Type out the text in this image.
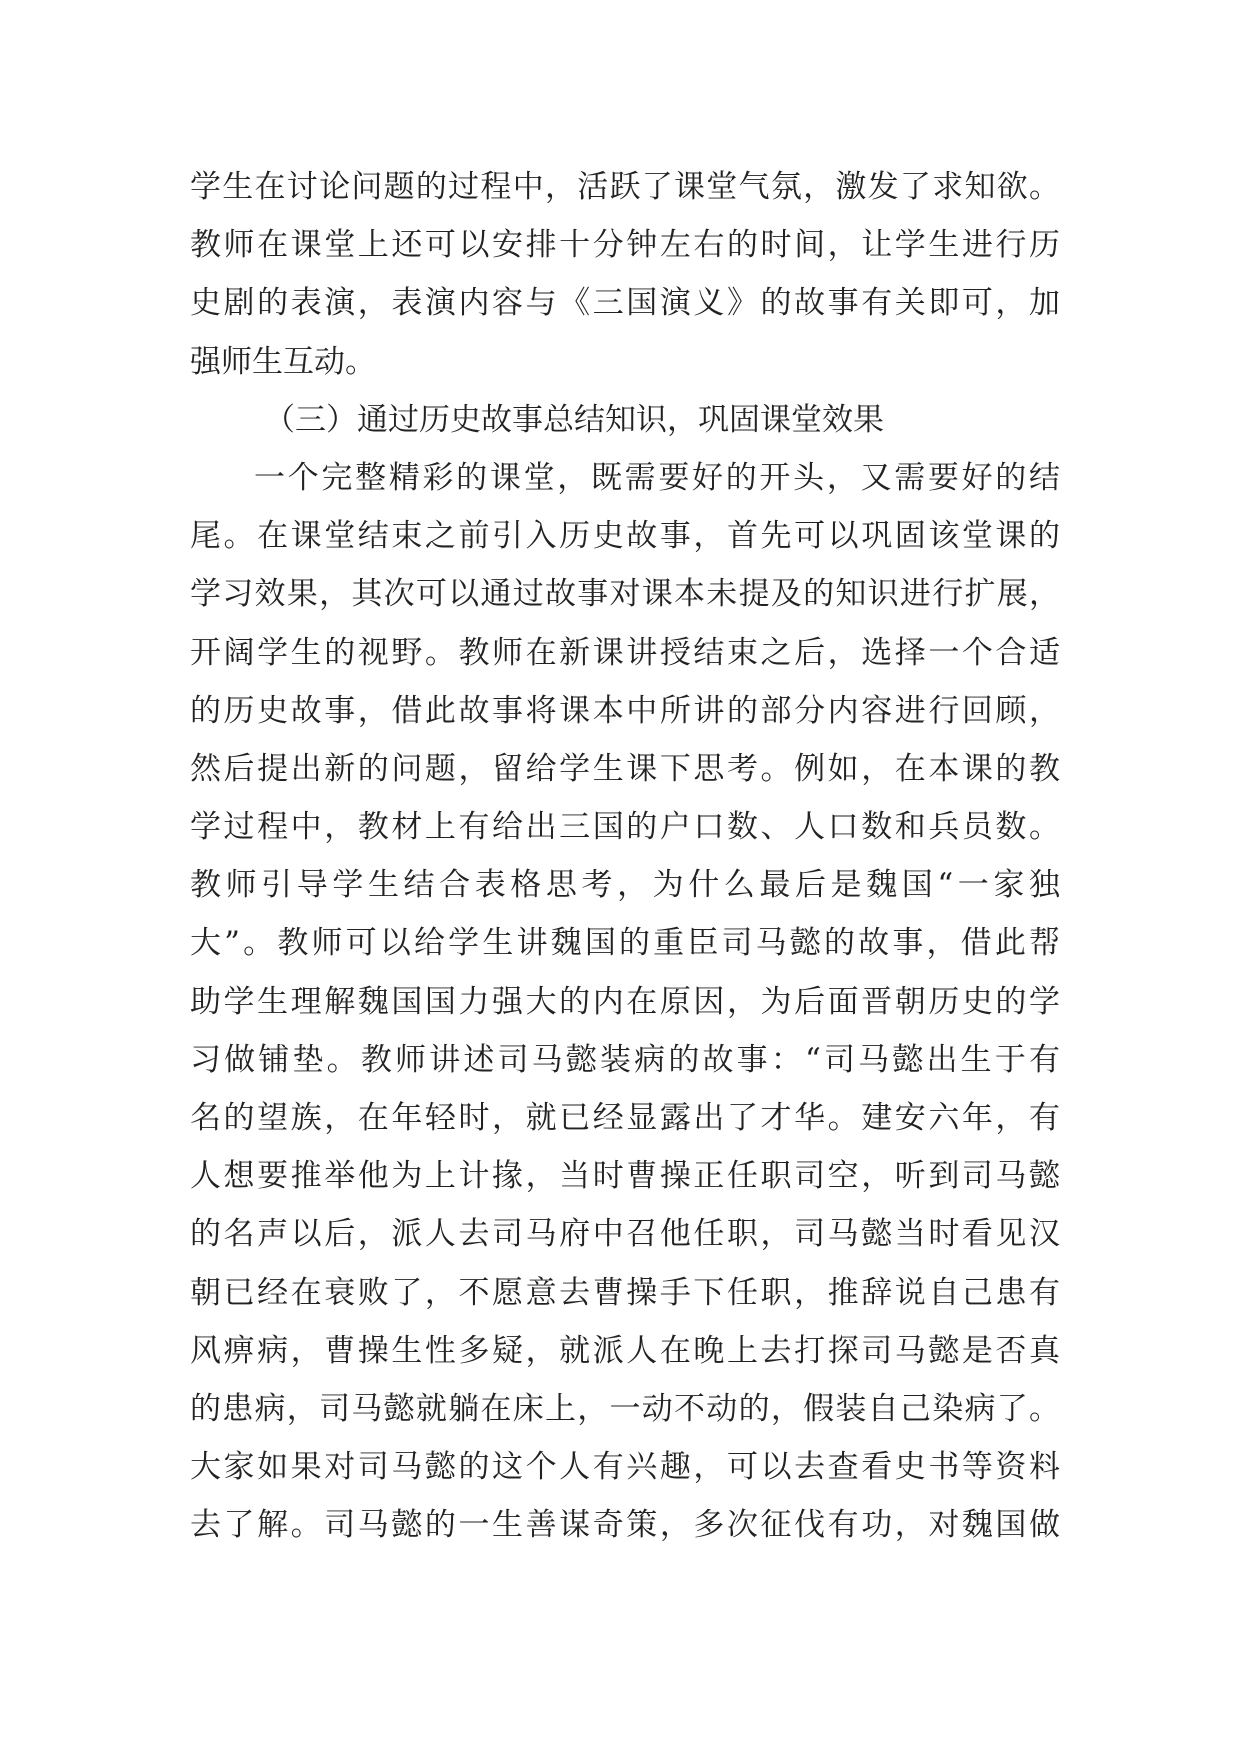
学生在讨论问题的过程中，活跃了课堂气氛，激发了求知欲。
教师在课堂上还可以安排十分钟左右的时间，让学生进行历
史剧的表演，表演内容与《三国演义》的故事有关即可，加
强师生互动。
（三）通过历史故事总结知识，巩固课堂效果
一个完整精彩的课堂，既需要好的开头，又需要好的结
尾。在课堂结束之前引入历史故事，首先可以巩固该堂课的
学习效果，其次可以通过故事对课本未提及的知识进行扩展，
开阔学生的视野。教师在新课讲授结束之后，选择一个合适
的历史故事，借此故事将课本中所讲的部分内容进行回顾，
然后提出新的问题，留给学生课下思考。例如，在本课的教
学过程中，教材上有给出三国的户口数、人口数和兵员数。
教师引导学生结合表格思考，为什么最后是魏国“一家独
大”。教师可以给学生讲魏国的重臣司马懿的故事，借此帮
助学生理解魏国国力强大的内在原因，为后面晋朝历史的学
习做铺垫。教师讲述司马懿装病的故事：“司马懿出生于有
名的望族，在年轻时，就已经显露出了才华。建安六年，有
人想要推举他为上计掾，当时曹操正任职司空，听到司马懿
的名声以后，派人去司马府中召他任职，司马懿当时看见汉
朝已经在衰败了，不愿意去曹操手下任职，推辞说自己患有
风痹病，曹操生性多疑，就派人在晚上去打探司马懿是否真
的患病，司马懿就躺在床上，一动不动的，假装自己染病了。
大家如果对司马懿的这个人有兴趣，可以去查看史书等资料
去了解。司马懿的一生善谋奇策，多次征伐有功，对魏国做
